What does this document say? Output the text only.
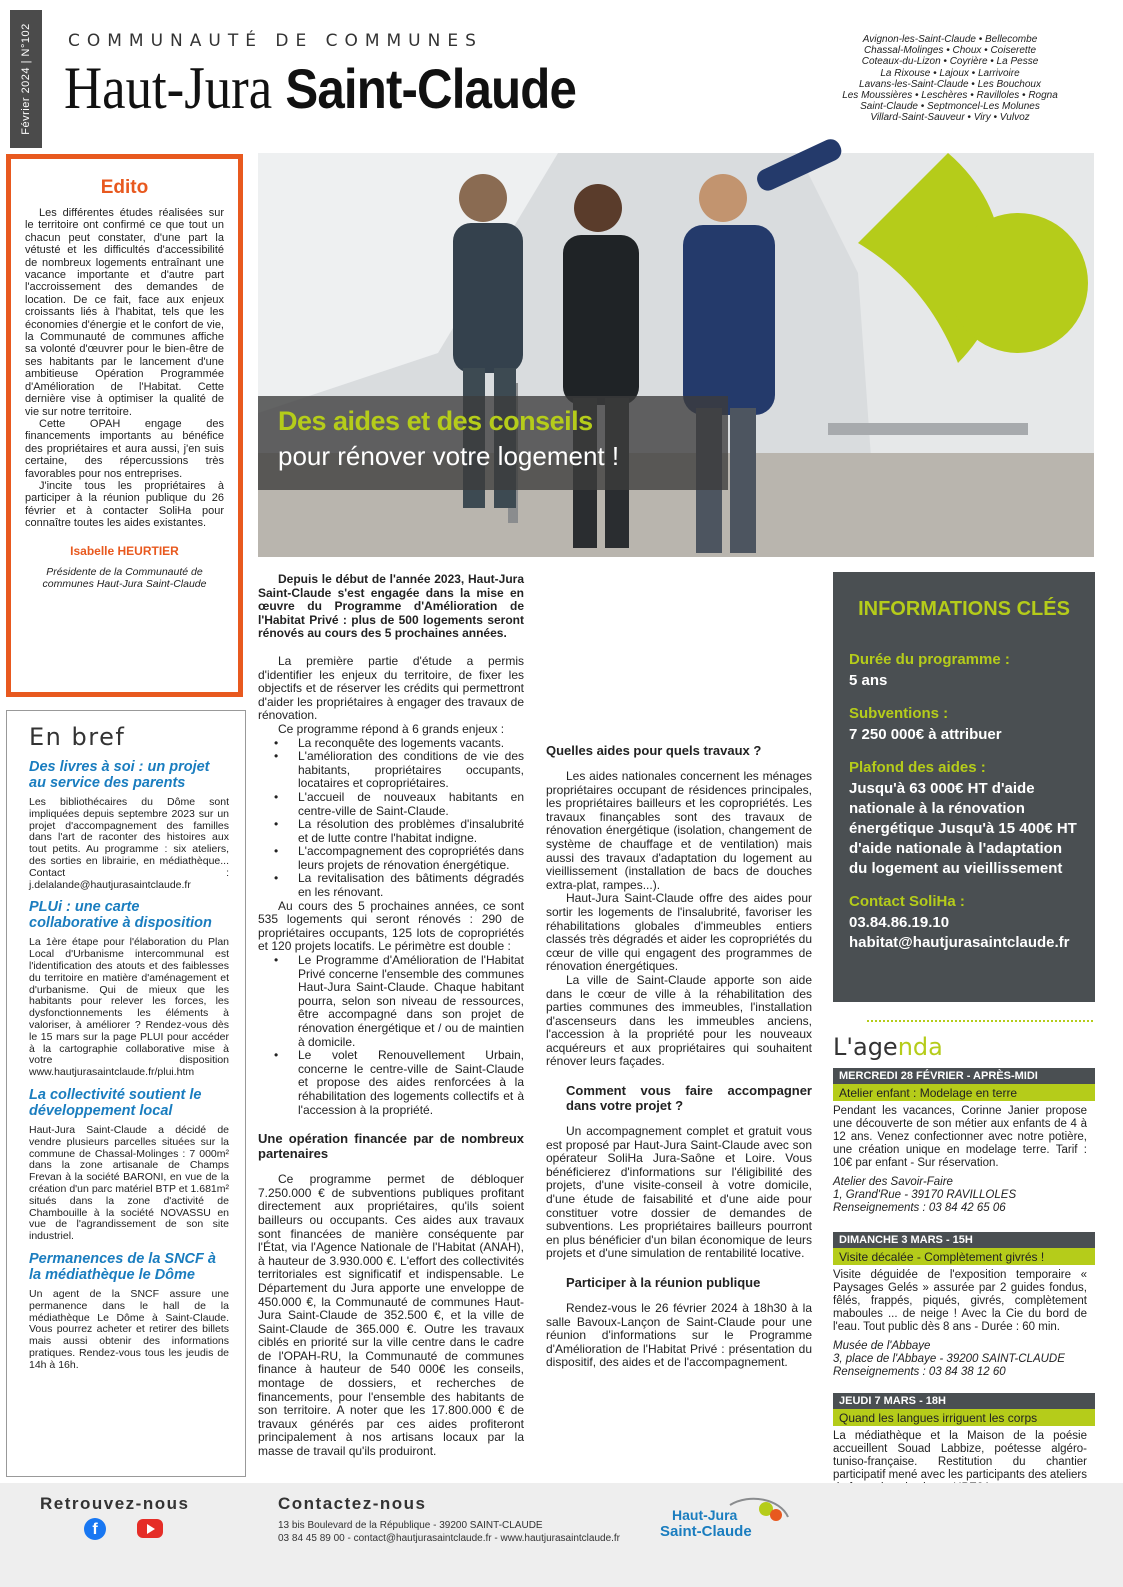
Février 2024 | N°102 COMMUNAUTÉ DE COMMUNES
Haut-Jura Saint-Claude
Avignon-les-Saint-Claude • Bellecombe
Chassal-Molinges • Choux • Coiserette
Coteaux-du-Lizon • Coyrière • La Pesse
La Rixouse • Lajoux • Larrivoire
Lavans-les-Saint-Claude • Les Bouchoux
Les Moussières • Leschères • Ravilloles • Rogna
Saint-Claude • Septmoncel-Les Molunes
Villard-Saint-Sauveur • Viry • Vulvoz
Edito

Les différentes études réalisées sur le territoire ont confirmé ce que tout un chacun peut constater, d'une part la vétusté et les difficultés d'accessibilité de nombreux logements entraînant une vacance importante et d'autre part l'accroissement des demandes de location. De ce fait, face aux enjeux croissants liés à l'habitat, tels que les économies d'énergie et le confort de vie, la Communauté de communes affiche sa volonté d'œuvrer pour le bien-être de ses habitants par le lancement d'une ambitieuse Opération Programmée d'Amélioration de l'Habitat. Cette dernière vise à optimiser la qualité de vie sur notre territoire.

Cette OPAH engage des financements importants au bénéfice des propriétaires et aura aussi, j'en suis certaine, des répercussions très favorables pour nos entreprises.

J'incite tous les propriétaires à participer à la réunion publique du 26 février et à contacter SoliHa pour connaître toutes les aides existantes.

Isabelle HEURTIER
Présidente de la Communauté de communes Haut-Jura Saint-Claude
En bref
Des livres à soi : un projet au service des parents

Les bibliothécaires du Dôme sont impliquées depuis septembre 2023 sur un projet d'accompagnement des familles dans l'art de raconter des histoires aux tout petits. Au programme : six ateliers, des sorties en librairie, en médiathèque... Contact : j.delalande@hautjurasaintclaude.fr

PLUi : une carte collaborative à disposition

La 1ère étape pour l'élaboration du Plan Local d'Urbanisme intercommunal est l'identification des atouts et des faiblesses du territoire en matière d'aménagement et d'urbanisme. Qui de mieux que les habitants pour relever les forces, les dysfonctionnements les éléments à valoriser, à améliorer ? Rendez-vous dès le 15 mars sur la page PLUI pour accéder à la cartographie collaborative mise à votre disposition www.hautjurasaintclaude.fr/plui.htm

La collectivité soutient le développement local

Haut-Jura Saint-Claude a décidé de vendre plusieurs parcelles situées sur la commune de Chassal-Molinges : 7 000m² dans la zone artisanale de Champs Frevan à la société BARONI, en vue de la création d'un parc matériel BTP et 1.681m² situés dans la zone d'activité de Chambouille à la société NOVASSU en vue de l'agrandissement de son site industriel.

Permanences de la SNCF à la médiathèque le Dôme

Un agent de la SNCF assure une permanence dans le hall de la médiathèque Le Dôme à Saint-Claude. Vous pourrez acheter et retirer des billets mais aussi obtenir des informations pratiques. Rendez-vous tous les jeudis de 14h à 16h.

Des aides et des conseils
pour rénover votre logement !

Depuis le début de l'année 2023, Haut-Jura Saint-Claude s'est engagée dans la mise en œuvre du Programme d'Amélioration de l'Habitat Privé : plus de 500 logements seront rénovés au cours des 5 prochaines années.

La première partie d'étude a permis d'identifier les enjeux du territoire, de fixer les objectifs et de réserver les crédits qui permettront d'aider les propriétaires à engager des travaux de rénovation.

Ce programme répond à 6 grands enjeux :

• La reconquête des logements vacants.
• L'amélioration des conditions de vie des habitants, propriétaires occupants, locataires et copropriétaires.
• L'accueil de nouveaux habitants en centre-ville de Saint-Claude.
• La résolution des problèmes d'insalubrité et de lutte contre l'habitat indigne.
• L'accompagnement des copropriétés dans leurs projets de rénovation énergétique.
• La revitalisation des bâtiments dégradés en les rénovant.

Au cours des 5 prochaines années, ce sont 535 logements qui seront rénovés : 290 de propriétaires occupants, 125 lots de copropriétés et 120 projets locatifs. Le périmètre est double :

• Le Programme d'Amélioration de l'Habitat Privé concerne l'ensemble des communes Haut-Jura Saint-Claude. Chaque habitant pourra, selon son niveau de ressources, être accompagné dans son projet de rénovation énergétique et / ou de maintien à domicile.
• Le volet Renouvellement Urbain, concerne le centre-ville de Saint-Claude et propose des aides renforcées à la réhabilitation des logements collectifs et à l'accession à la propriété.
Une opération financée par de nombreux partenaires

Ce programme permet de débloquer 7.250.000 € de subventions publiques profitant directement aux propriétaires, qu'ils soient bailleurs ou occupants. Ces aides aux travaux sont financées de manière conséquente par l'État, via l'Agence Nationale de l'Habitat (ANAH), à hauteur de 3.930.000 €. L'effort des collectivités territoriales est significatif et indispensable. Le Département du Jura apporte une enveloppe de 450.000 €, la Communauté de communes Haut-Jura Saint-Claude de 352.500 €, et la ville de Saint-Claude de 365.000 €. Outre les travaux ciblés en priorité sur la ville centre dans le cadre de l'OPAH-RU, la Communauté de communes finance à hauteur de 540 000€ les conseils, montage de dossiers, et recherches de financements, pour l'ensemble des habitants de son territoire. A noter que les 17.800.000 € de travaux générés par ces aides profiteront principalement à nos artisans locaux par la masse de travail qu'ils produiront.

Quelles aides pour quels travaux ?

Les aides nationales concernent les ménages propriétaires occupant de résidences principales, les propriétaires bailleurs et les copropriétés. Les travaux finançables sont des travaux de rénovation énergétique (isolation, changement de système de chauffage et de ventilation) mais aussi des travaux d'adaptation du logement au vieillissement (installation de bacs de douches extra-plat, rampes...).

Haut-Jura Saint-Claude offre des aides pour sortir les logements de l'insalubrité, favoriser les réhabilitations globales d'immeubles entiers classés très dégradés et aider les copropriétés du cœur de ville qui engagent des programmes de rénovation énergétiques.

La ville de Saint-Claude apporte son aide dans le cœur de ville à la réhabilitation des parties communes des immeubles, l'installation d'ascenseurs dans les immeubles anciens, l'accession à la propriété pour les nouveaux acquéreurs et aux propriétaires qui souhaitent rénover leurs façades.

Comment vous faire accompagner dans votre projet ?

Un accompagnement complet et gratuit vous est proposé par Haut-Jura Saint-Claude avec son opérateur SoliHa Jura-Saône et Loire. Vous bénéficierez d'informations sur l'éligibilité des projets, d'une visite-conseil à votre domicile, d'une étude de faisabilité et d'une aide pour constituer votre dossier de demandes de subventions. Les propriétaires bailleurs pourront en plus bénéficier d'un bilan économique de leurs projets et d'une simulation de rentabilité locative.

Participer à la réunion publique

Rendez-vous le 26 février 2024 à 18h30 à la salle Bavoux-Lançon de Saint-Claude pour une réunion d'informations sur le Programme d'Amélioration de l'Habitat Privé : présentation du dispositif, des aides et de l'accompagnement.

INFORMATIONS CLÉS
Durée du programme :
5 ans
Subventions :
7 250 000€ à attribuer
Plafond des aides :
Jusqu'à 63 000€ HT d'aide nationale à la rénovation énergétique Jusqu'à 15 400€ HT d'aide nationale à l'adaptation du logement au vieillissement
Contact SoliHa :
03.84.86.19.10 habitat@hautjurasaintclaude.fr
L'agenda
MERCREDI 28 FÉVRIER - APRÈS-MIDI
Atelier enfant : Modelage en terre
Pendant les vacances, Corinne Janier propose une découverte de son métier aux enfants de 4 à 12 ans. Venez confectionner avec notre potière, une création unique en modelage terre. Tarif : 10€ par enfant - Sur réservation.
Atelier des Savoir-Faire
1, Grand'Rue - 39170 RAVILLOLES
Renseignements : 03 84 42 65 06
DIMANCHE 3 MARS - 15H
Visite décalée - Complètement givrés !
Visite déguidée de l'exposition temporaire « Paysages Gelés » assurée par 2 guides fondus, fêlés, frappés, piqués, givrés, complètement maboules ... de neige ! Avec la Cie du bord de l'eau. Tout public dès 8 ans - Durée : 60 min.
Musée de l'Abbaye
3, place de l'Abbaye - 39200 SAINT-CLAUDE
Renseignements : 03 84 38 12 60
JEUDI 7 MARS - 18H
Quand les langues irriguent les corps
La médiathèque et la Maison de la poésie accueillent Souad Labbize, poétesse algéro-tuniso-française. Restitution du chantier participatif mené avec les participants des ateliers
Retrouvez-nous
f
Contactez-nous
13 bis Boulevard de la République - 39200 SAINT-CLAUDE
03 84 45 89 00 - contact@hautjurasaintclaude.fr - www.hautjurasaintclaude.fr
Haut-Jura
Saint-Claude
